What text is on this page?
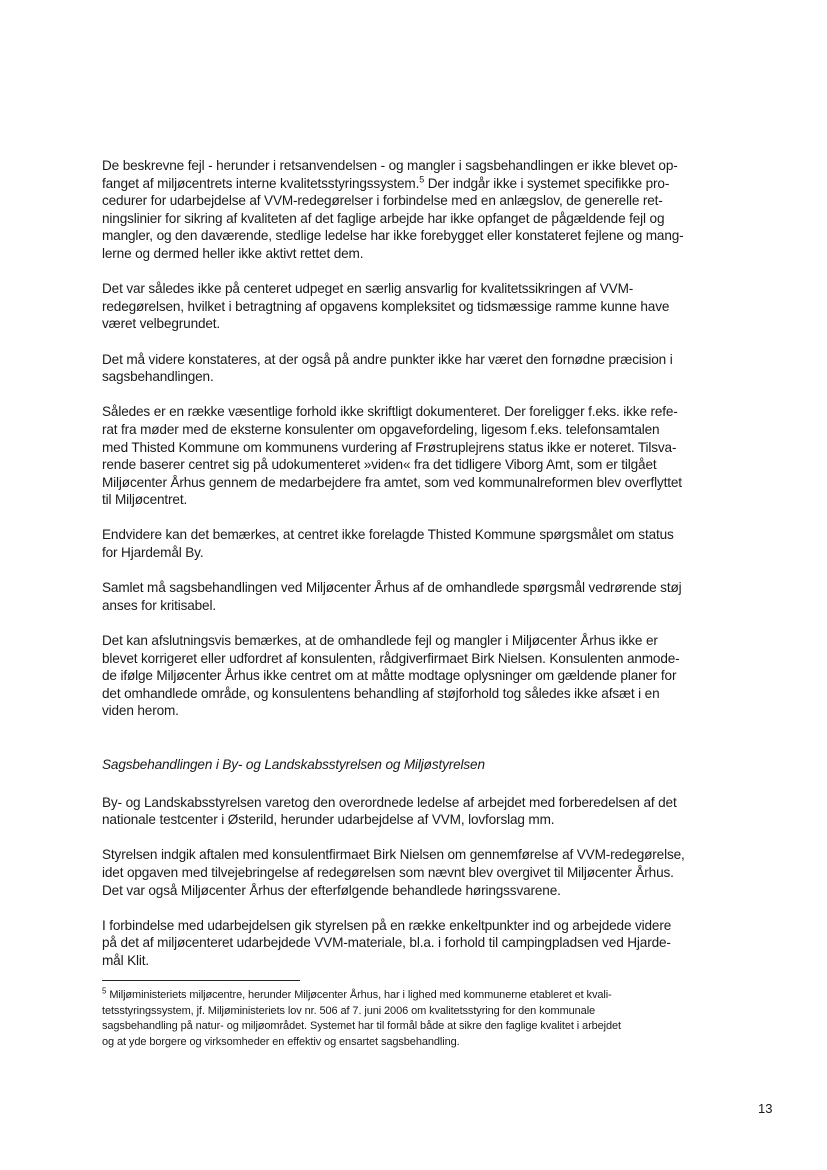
De beskrevne fejl - herunder i retsanvendelsen - og mangler i sagsbehandlingen er ikke blevet op-
fanget af miljøcentrets interne kvalitetsstyringssystem.$^5$ Der indgår ikke i systemet specifikke pro-
cedurer for udarbejdelse af VVM-redegørelser i forbindelse med en anlægslov, de generelle ret-
ningslinier for sikring af kvaliteten af det faglige arbejde har ikke opfanget de pågældende fejl og
mangler, og den daværende, stedlige ledelse har ikke forebygget eller konstateret fejlene og mang-
lerne og dermed heller ikke aktivt rettet dem.

Det var således ikke på centeret udpeget en særlig ansvarlig for kvalitetssikringen af VVM-
redegørelsen, hvilket i betragtning af opgavens kompleksitet og tidsmæssige ramme kunne have
været velbegrundet.

Det må videre konstateres, at der også på andre punkter ikke har været den fornødne præcision i
sagsbehandlingen.

Således er en række væsentlige forhold ikke skriftligt dokumenteret. Der foreligger f.eks. ikke refe-
rat fra møder med de eksterne konsulenter om opgavefordeling, ligesom f.eks. telefonsamtalen
med Thisted Kommune om kommunens vurdering af Frøstruplejrens status ikke er noteret. Tilsva-
rende baserer centret sig på udokumenteret »viden« fra det tidligere Viborg Amt, som er tilgået
Miljøcenter Århus gennem de medarbejdere fra amtet, som ved kommunalreformen blev overflyttet
til Miljøcentret.

Endvidere kan det bemærkes, at centret ikke forelagde Thisted Kommune spørgsmålet om status
for Hjardemål By.

Samlet må sagsbehandlingen ved Miljøcenter Århus af de omhandlede spørgsmål vedrørende støj
anses for kritisabel.

Det kan afslutningsvis bemærkes, at de omhandlede fejl og mangler i Miljøcenter Århus ikke er
blevet korrigeret eller udfordret af konsulenten, rådgiverfirmaet Birk Nielsen. Konsulenten anmode-
de ifølge Miljøcenter Århus ikke centret om at måtte modtage oplysninger om gældende planer for
det omhandlede område, og konsulentens behandling af støjforhold tog således ikke afsæt i en
viden herom.

Sagsbehandlingen i By- og Landskabsstyrelsen og Miljøstyrelsen

By- og Landskabsstyrelsen varetog den overordnede ledelse af arbejdet med forberedelsen af det
nationale testcenter i Østerild, herunder udarbejdelse af VVM, lovforslag mm.

Styrelsen indgik aftalen med konsulentfirmaet Birk Nielsen om gennemførelse af VVM-redegørelse,
idet opgaven med tilvejebringelse af redegørelsen som nævnt blev overgivet til Miljøcenter Århus.
Det var også Miljøcenter Århus der efterfølgende behandlede høringssvarene.

I forbindelse med udarbejdelsen gik styrelsen på en række enkeltpunkter ind og arbejdede videre
på det af miljøcenteret udarbejdede VVM-materiale, bl.a. i forhold til campingpladsen ved Hjarde-
mål Klit.

$^5$ Miljøministeriets miljøcentre, herunder Miljøcenter Århus, har i lighed med kommunerne etableret et kvali-
tetsstyringssystem, jf. Miljøministeriets lov nr. 506 af 7. juni 2006 om kvalitetsstyring for den kommunale
sagsbehandling på natur- og miljøområdet. Systemet har til formål både at sikre den faglige kvalitet i arbejdet
og at yde borgere og virksomheder en effektiv og ensartet sagsbehandling.
13
